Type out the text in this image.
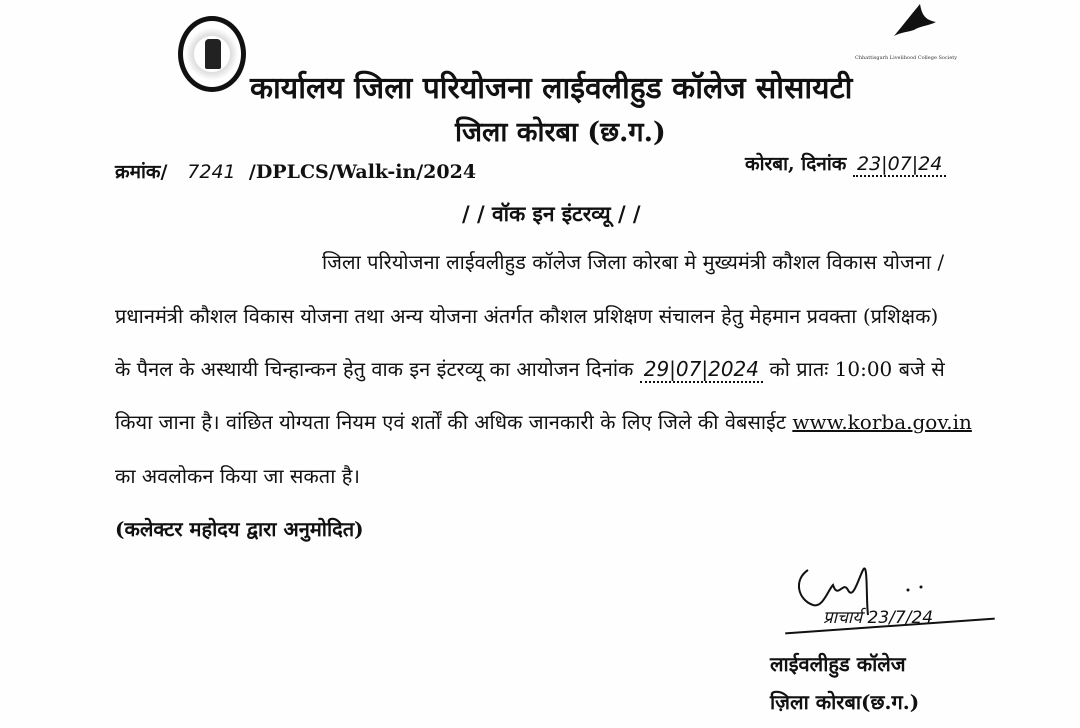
Chhattisgarh Livelihood College Society
कार्यालय जिला परियोजना लाईवलीहुड कॉलेज सोसायटी
जिला कोरबा (छ.ग.)
क्रमांक/ 7241 /DPLCS/Walk-in/2024	कोरबा, दिनांक 23|07|24
/ / वॉक इन इंटरव्यू / /
जिला परियोजना लाईवलीहुड कॉलेज जिला कोरबा मे मुख्यमंत्री कौशल विकास योजना /
प्रधानमंत्री कौशल विकास योजना तथा अन्य योजना अंतर्गत कौशल प्रशिक्षण संचालन हेतु मेहमान प्रवक्ता (प्रशिक्षक)
के पैनल के अस्थायी चिन्हान्कन हेतु वाक इन इंटरव्यू का आयोजन दिनांक 29|07|2024 को प्रातः 10:00 बजे से
किया जाना है। वांछित योग्यता नियम एवं शर्तों की अधिक जानकारी के लिए जिले की वेबसाईट www.korba.gov.in
का अवलोकन किया जा सकता है।
(कलेक्टर महोदय द्वारा अनुमोदित)
प्राचार्य 23/7/24
लाईवलीहुड कॉलेज
ज़िला कोरबा(छ.ग.)
